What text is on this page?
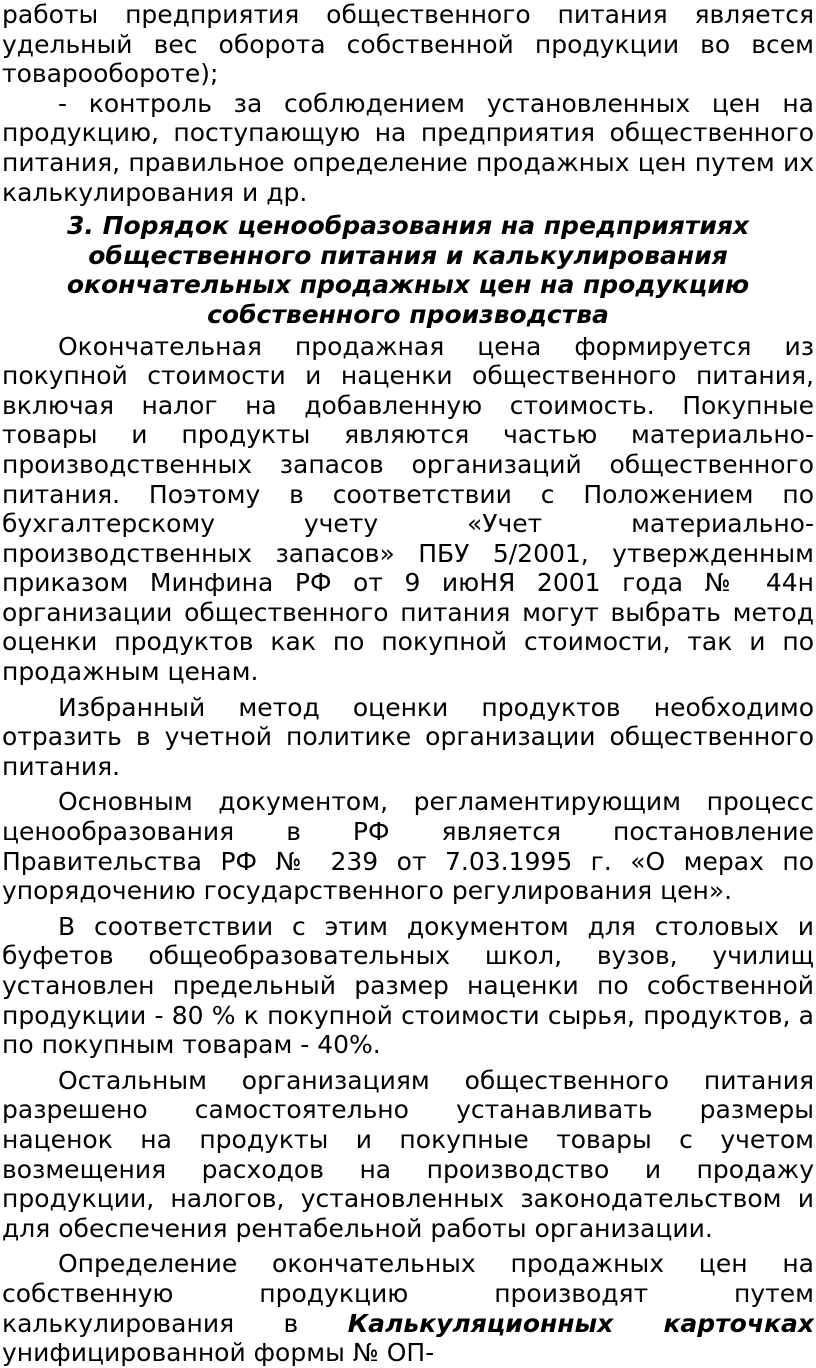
работы предприятия общественного питания является удельный вес оборота собственной продукции во всем товарообороте);

- контроль за соблюдением установленных цен на продукцию, поступающую на предприятия общественного питания, правильное определение продажных цен путем их калькулирования и др.

3. Порядок ценообразования на предприятиях
общественного питания и калькулирования
окончательных продажных цен на продукцию
собственного производства

Окончательная продажная цена формируется из покупной стоимости и наценки общественного питания, включая налог на добавленную стоимость. Покупные товары и продукты являются частью материально-производственных запасов организаций общественного питания. Поэтому в соответствии с Положением по бухгалтерскому учету «Учет материально-производственных запасов» ПБУ 5/2001, утвержденным приказом Минфина РФ от 9 июНЯ 2001 года № 44н организации общественного питания могут выбрать метод оценки продуктов как по покупной стоимости, так и по продажным ценам.

Избранный метод оценки продуктов необходимо отразить в учетной политике организации общественного питания.

Основным документом, регламентирующим процесс ценообразования в РФ является постановление Правительства РФ № 239 от 7.03.1995 г. «О мерах по упорядочению государственного регулирования цен».

В соответствии с этим документом для столовых и буфетов общеобразовательных школ, вузов, училищ установлен предельный размер наценки по собственной продукции - 80 % к покупной стоимости сырья, продуктов, а по покупным товарам - 40%.

Остальным организациям общественного питания разрешено самостоятельно устанавливать размеры наценок на продукты и покупные товары с учетом возмещения расходов на производство и продажу продукции, налогов, установленных законодательством и для обеспечения рентабельной работы организации.

Определение окончательных продажных цен на собственную продукцию производят путем калькулирования в Калькуляционных карточках унифицированной формы № ОП-
